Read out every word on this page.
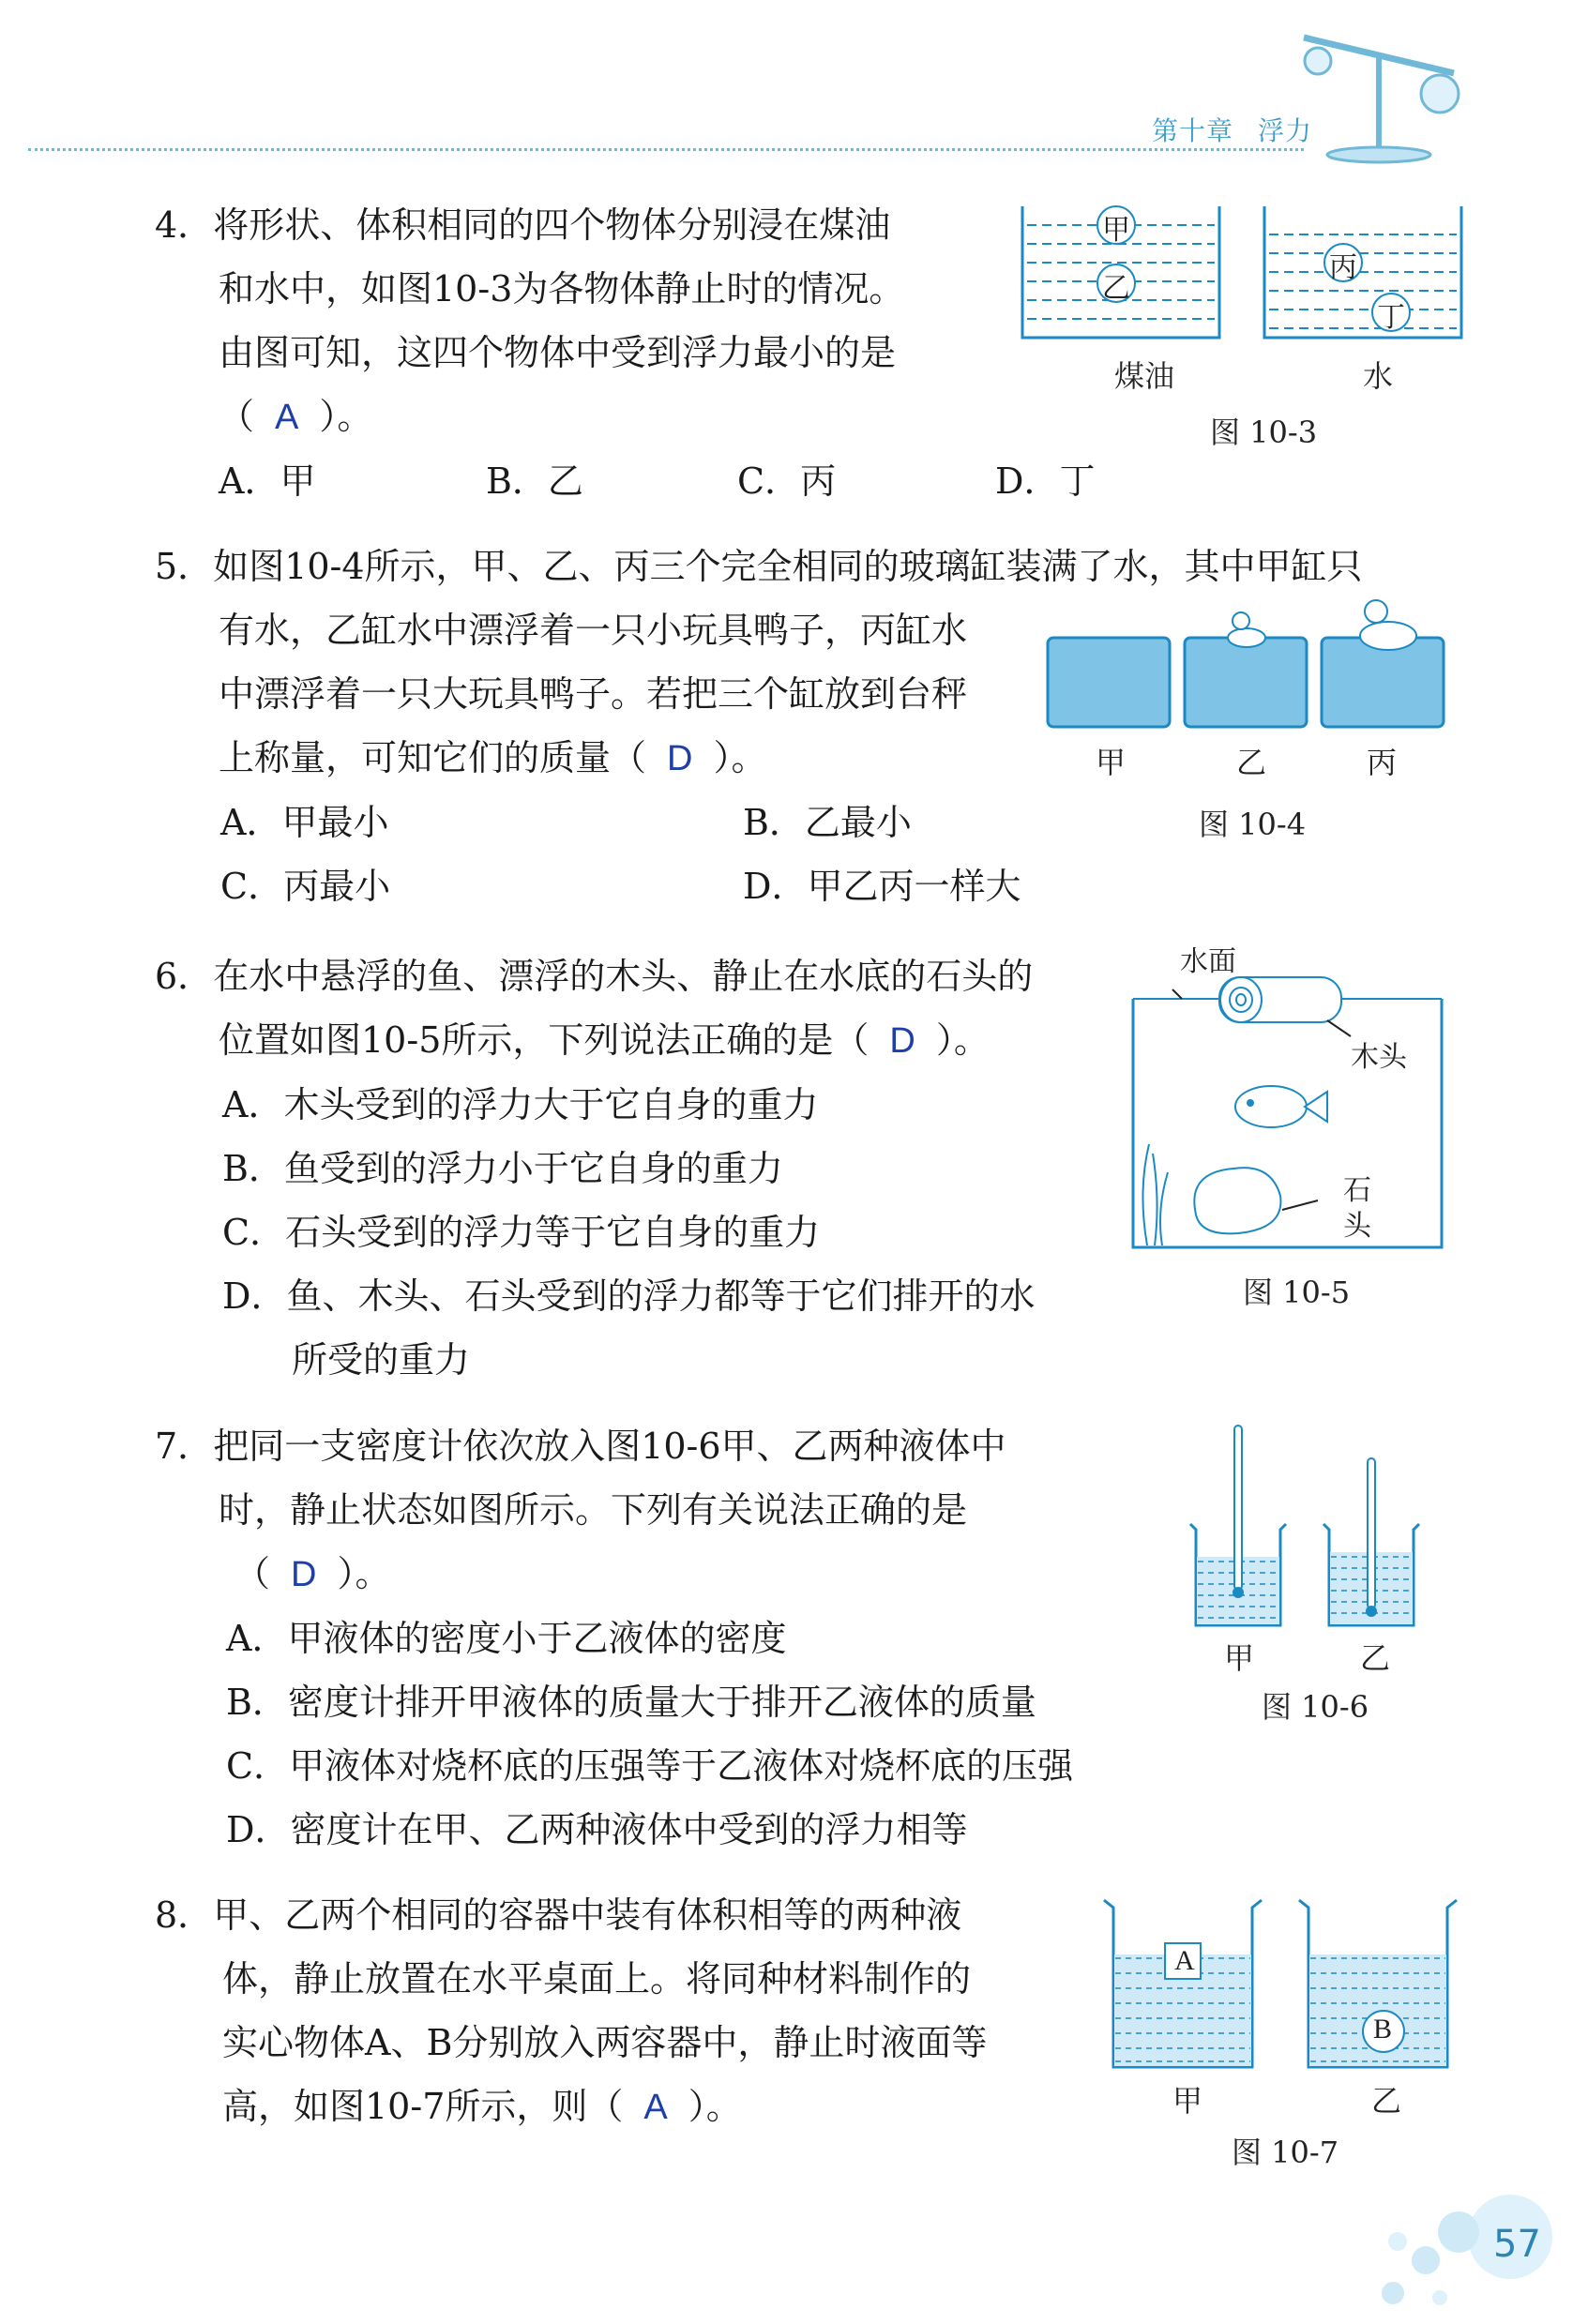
第十章 浮力
4．将形状、体积相同的四个物体分别浸在煤油
和水中，如图10-3为各物体静止时的情况。
由图可知，这四个物体中受到浮力最小的是
（ A ）。
A．甲	B．乙	C．丙	D．丁
甲
乙
丙
丁
煤油	水
图 10-3
5．如图10-4所示，甲、乙、丙三个完全相同的玻璃缸装满了水，其中甲缸只
有水，乙缸水中漂浮着一只小玩具鸭子，丙缸水
中漂浮着一只大玩具鸭子。若把三个缸放到台秤
上称量，可知它们的质量（ D ）。
A．甲最小	B．乙最小
C．丙最小	D．甲乙丙一样大
甲	乙	丙
图 10-4
6．在水中悬浮的鱼、漂浮的木头、静止在水底的石头的
位置如图10-5所示，下列说法正确的是（ D ）。
A．木头受到的浮力大于它自身的重力
B．鱼受到的浮力小于它自身的重力
C．石头受到的浮力等于它自身的重力
D．鱼、木头、石头受到的浮力都等于它们排开的水
所受的重力
水面
木头
石
头
图 10-5
7．把同一支密度计依次放入图10-6甲、乙两种液体中
时，静止状态如图所示。下列有关说法正确的是
（ D ）。
A．甲液体的密度小于乙液体的密度
B．密度计排开甲液体的质量大于排开乙液体的质量
C．甲液体对烧杯底的压强等于乙液体对烧杯底的压强
D．密度计在甲、乙两种液体中受到的浮力相等
甲	乙
图 10-6
8．甲、乙两个相同的容器中装有体积相等的两种液
体，静止放置在水平桌面上。将同种材料制作的
实心物体A、B分别放入两容器中，静止时液面等
高，如图10-7所示，则（ A ）。
A
B
甲	乙
图 10-7
57
